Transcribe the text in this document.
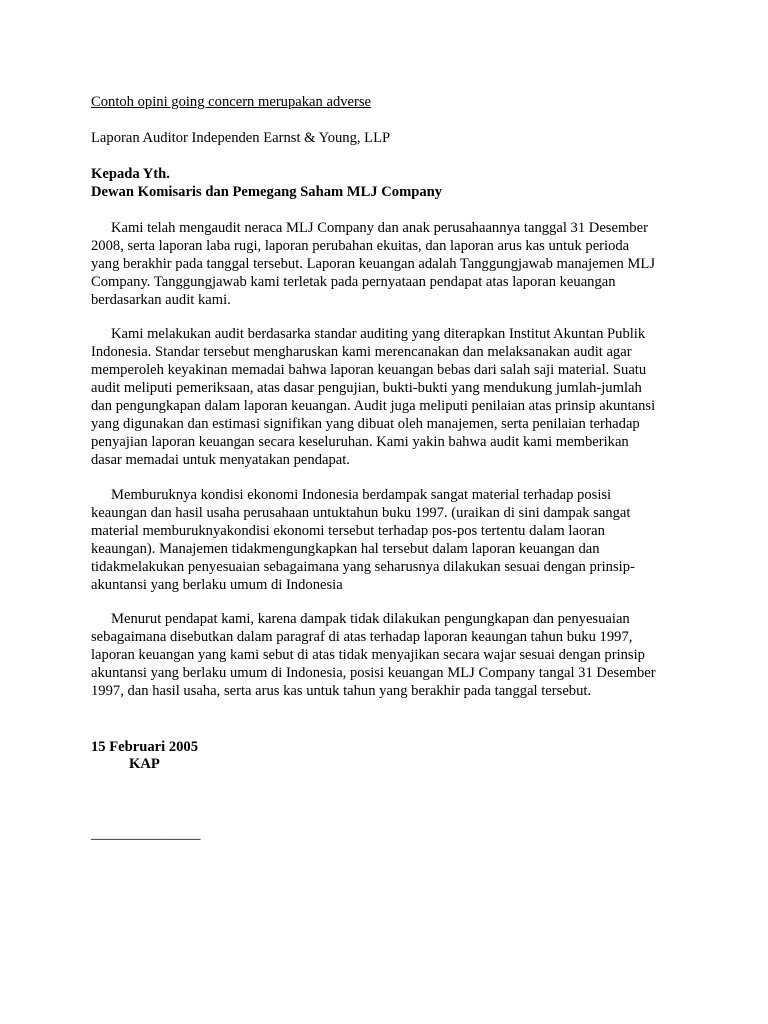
Contoh opini going concern merupakan adverse
Laporan Auditor Independen Earnst & Young, LLP
Kepada Yth.
Dewan Komisaris dan Pemegang Saham MLJ Company

Kami telah mengaudit neraca MLJ Company dan anak perusahaannya tanggal 31 Desember 2008, serta laporan laba rugi, laporan perubahan ekuitas, dan laporan arus kas untuk perioda yang berakhir pada tanggal tersebut. Laporan keuangan adalah Tanggungjawab manajemen MLJ Company. Tanggungjawab kami terletak pada pernyataan pendapat atas laporan keuangan berdasarkan audit kami.

Kami melakukan audit berdasarka standar auditing yang diterapkan Institut Akuntan Publik Indonesia. Standar tersebut mengharuskan kami merencanakan dan melaksanakan audit agar memperoleh keyakinan memadai bahwa laporan keuangan bebas dari salah saji material. Suatu audit meliputi pemeriksaan, atas dasar pengujian, bukti-bukti yang mendukung jumlah-jumlah dan pengungkapan dalam laporan keuangan. Audit juga meliputi penilaian atas prinsip akuntansi yang digunakan dan estimasi signifikan yang dibuat oleh manajemen, serta penilaian terhadap penyajian laporan keuangan secara keseluruhan. Kami yakin bahwa audit kami memberikan dasar memadai untuk menyatakan pendapat.

Memburuknya kondisi ekonomi Indonesia berdampak sangat material terhadap posisi keaungan dan hasil usaha perusahaan untuktahun buku 1997. (uraikan di sini dampak sangat material memburuknyakondisi ekonomi tersebut terhadap pos-pos tertentu dalam laoran keaungan). Manajemen tidakmengungkapkan hal tersebut dalam laporan keuangan dan tidakmelakukan penyesuaian sebagaimana yang seharusnya dilakukan sesuai dengan prinsip-akuntansi yang berlaku umum di Indonesia

Menurut pendapat kami, karena dampak tidak dilakukan pengungkapan dan penyesuaian sebagaimana disebutkan dalam paragraf di atas terhadap laporan keaungan tahun buku 1997, laporan keuangan yang kami sebut di atas tidak menyajikan secara wajar sesuai dengan prinsip akuntansi yang berlaku umum di Indonesia, posisi keuangan MLJ Company tangal 31 Desember 1997, dan hasil usaha, serta arus kas untuk tahun yang berakhir pada tanggal tersebut.

15 Februari 2005
KAP
_______________
